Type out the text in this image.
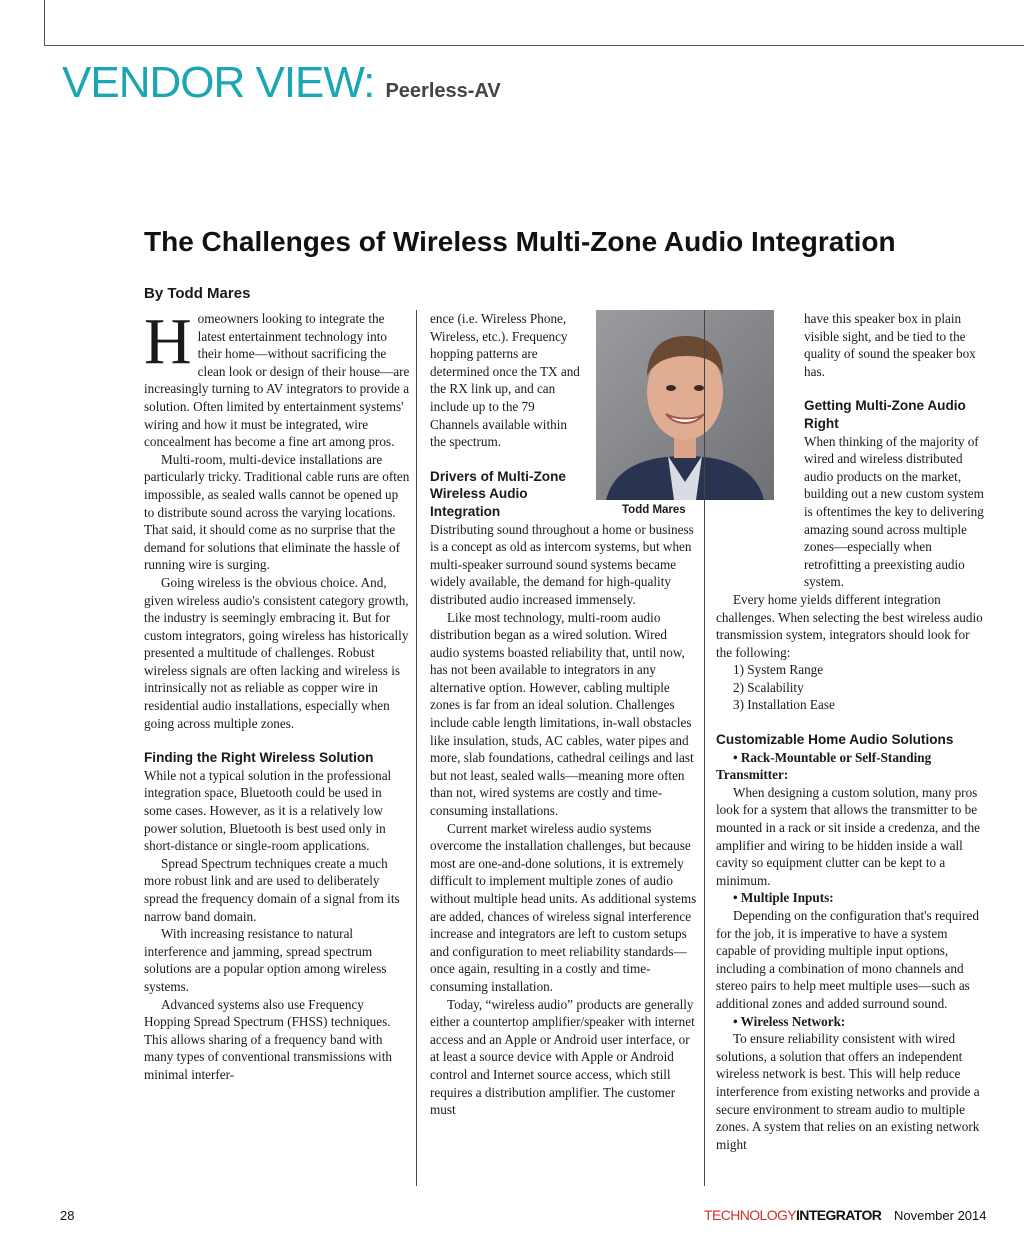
VENDOR VIEW: Peerless-AV
The Challenges of Wireless Multi-Zone Audio Integration
By Todd Mares

Homeowners looking to integrate the latest entertainment technology into their home—without sacrificing the clean look or design of their house—are increasingly turning to AV integrators to provide a solution. Often limited by entertainment systems' wiring and how it must be integrated, wire concealment has become a fine art among pros.

Multi-room, multi-device installations are particularly tricky. Traditional cable runs are often impossible, as sealed walls cannot be opened up to distribute sound across the varying locations. That said, it should come as no surprise that the demand for solutions that eliminate the hassle of running wire is surging.

Going wireless is the obvious choice. And, given wireless audio's consistent category growth, the industry is seemingly embracing it. But for custom integrators, going wireless has historically presented a multitude of challenges. Robust wireless signals are often lacking and wireless is intrinsically not as reliable as copper wire in residential audio installations, especially when going across multiple zones.

Finding the Right Wireless Solution

While not a typical solution in the professional integration space, Bluetooth could be used in some cases. However, as it is a relatively low power solution, Bluetooth is best used only in short-distance or single-room applications.

Spread Spectrum techniques create a much more robust link and are used to deliberately spread the frequency domain of a signal from its narrow band domain.

With increasing resistance to natural interference and jamming, spread spectrum solutions are a popular option among wireless systems.

Advanced systems also use Frequency Hopping Spread Spectrum (FHSS) techniques. This allows sharing of a frequency band with many types of conventional transmissions with minimal interfer-

ence (i.e. Wireless Phone, Wireless, etc.). Frequency hopping patterns are determined once the TX and the RX link up, and can include up to the 79 Channels available within the spectrum.

Drivers of Multi-Zone Wireless Audio Integration

Distributing sound throughout a home or business is a concept as old as intercom systems, but when multi-speaker surround sound systems became widely available, the demand for high-quality distributed audio increased immensely.

Like most technology, multi-room audio distribution began as a wired solution. Wired audio systems boasted reliability that, until now, has not been available to integrators in any alternative option. However, cabling multiple zones is far from an ideal solution. Challenges include cable length limitations, in-wall obstacles like insulation, studs, AC cables, water pipes and more, slab foundations, cathedral ceilings and last but not least, sealed walls—meaning more often than not, wired systems are costly and time-consuming installations.

Current market wireless audio systems overcome the installation challenges, but because most are one-and-done solutions, it is extremely difficult to implement multiple zones of audio without multiple head units. As additional systems are added, chances of wireless signal interference increase and integrators are left to custom setups and configuration to meet reliability standards—once again, resulting in a costly and time-consuming installation.

Today, “wireless audio” products are generally either a countertop amplifier/speaker with internet access and an Apple or Android user interface, or at least a source device with Apple or Android control and Internet source access, which still requires a distribution amplifier. The customer must

Todd Mares

have this speaker box in plain visible sight, and be tied to the quality of sound the speaker box has.

Getting Multi-Zone Audio Right

When thinking of the majority of wired and wireless distributed audio products on the market, building out a new custom system is oftentimes the key to delivering amazing sound across multiple zones—especially when retrofitting a preexisting audio system.

Every home yields different integration challenges. When selecting the best wireless audio transmission system, integrators should look for the following:

1) System Range

2) Scalability

3) Installation Ease

Customizable Home Audio Solutions

• Rack-Mountable or Self-Standing Transmitter:

When designing a custom solution, many pros look for a system that allows the transmitter to be mounted in a rack or sit inside a credenza, and the amplifier and wiring to be hidden inside a wall cavity so equipment clutter can be kept to a minimum.

• Multiple Inputs:

Depending on the configuration that's required for the job, it is imperative to have a system capable of providing multiple input options, including a combination of mono channels and stereo pairs to help meet multiple uses—such as additional zones and added surround sound.

• Wireless Network:

To ensure reliability consistent with wired solutions, a solution that offers an independent wireless network is best. This will help reduce interference from existing networks and provide a secure environment to stream audio to multiple zones. A system that relies on an existing network might

28	TECHNOLOGYINTEGRATOR November 2014
